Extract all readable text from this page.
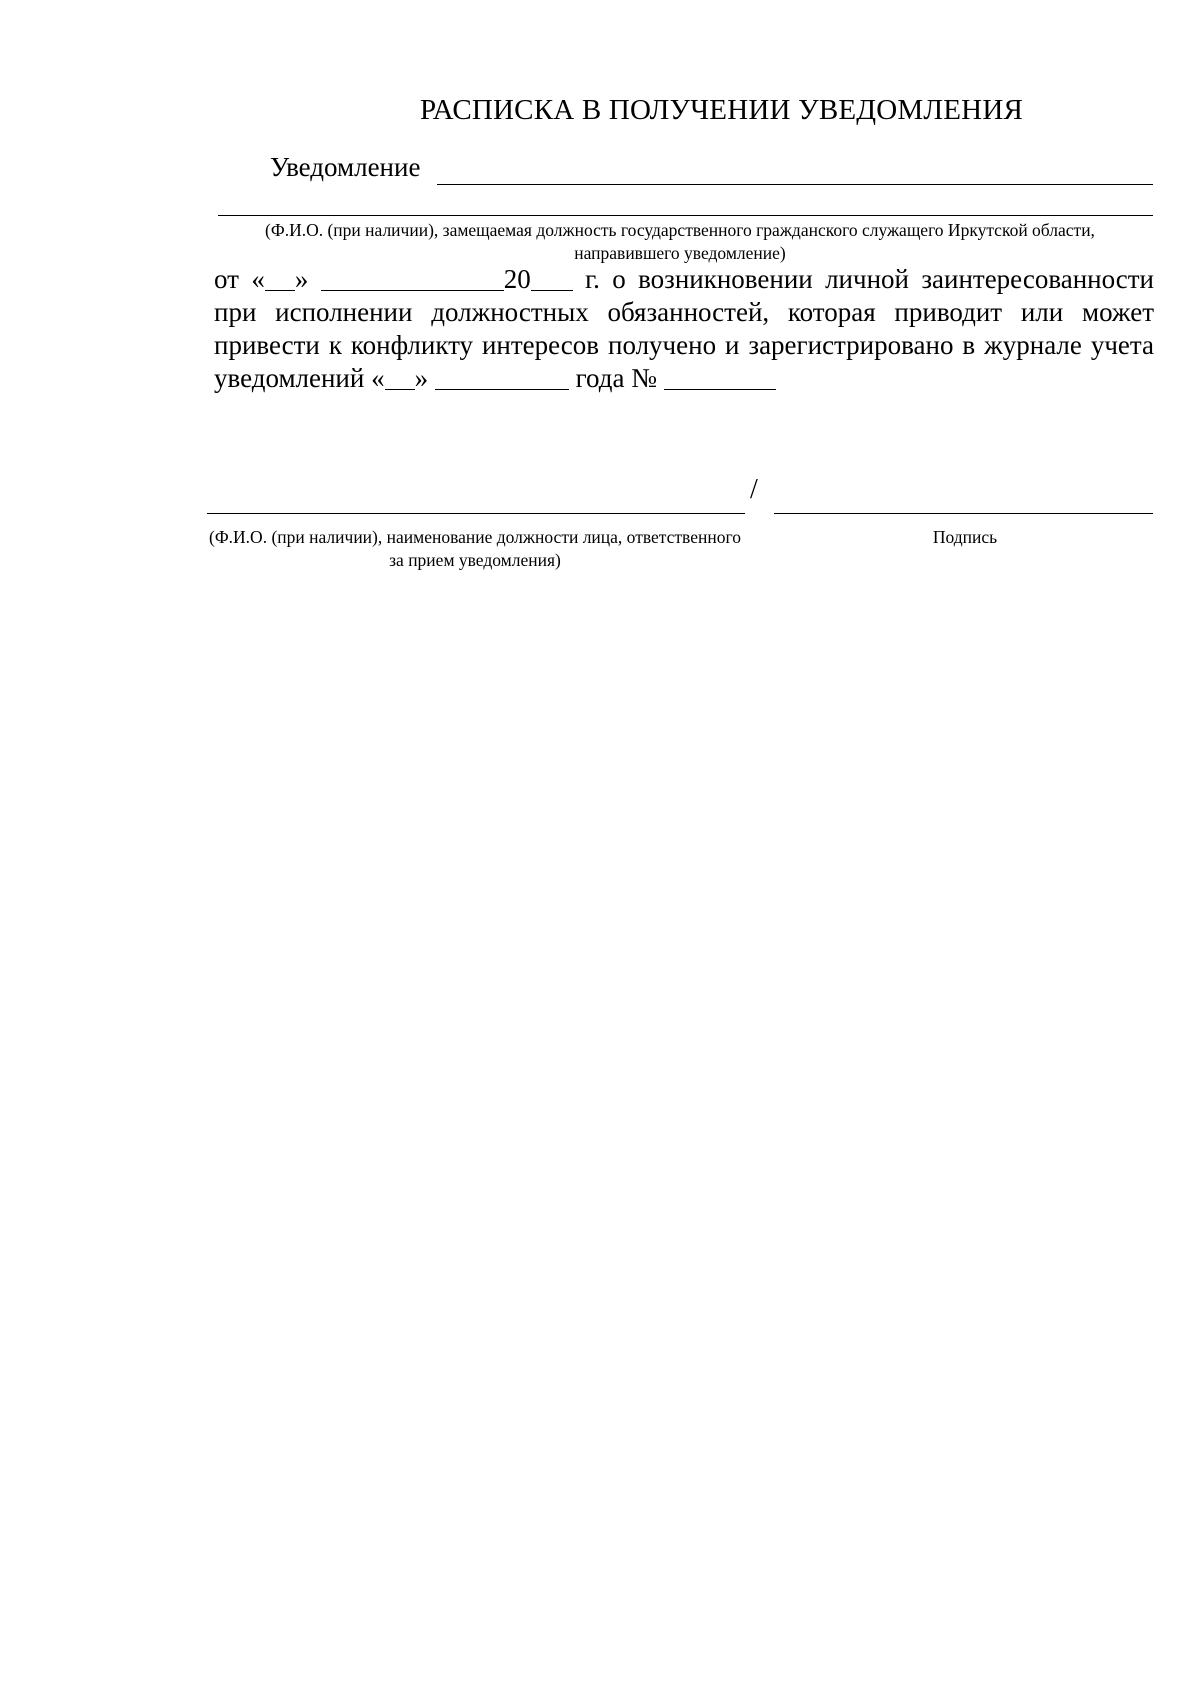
РАСПИСКА В ПОЛУЧЕНИИ УВЕДОМЛЕНИЯ
Уведомление
(Ф.И.О. (при наличии), замещаемая должность государственного гражданского служащего Иркутской области, направившего уведомление)
от « »	20 г. о возникновении личной заинтересованности при исполнении должностных обязанностей, которая приводит или может привести к конфликту интересов получено и зарегистрировано в журнале учета уведомлений « »	года №
/
(Ф.И.О. (при наличии), наименование должности лица, ответственного за прием уведомления)
Подпись
